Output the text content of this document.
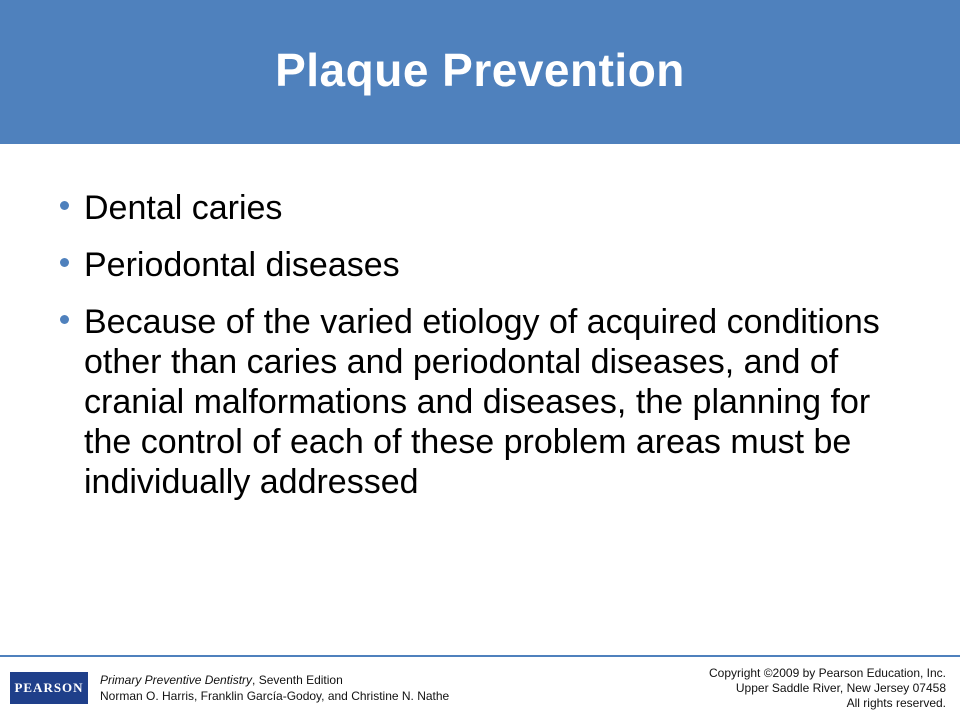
Plaque Prevention
Dental caries
Periodontal diseases
Because of the varied etiology of acquired conditions other than caries and periodontal diseases, and of cranial malformations and diseases, the planning for the control of each of these problem areas must be individually addressed
PEARSON Primary Preventive Dentistry, Seventh Edition
Norman O. Harris, Franklin García-Godoy, and Christine N. Nathe
Copyright ©2009 by Pearson Education, Inc.
Upper Saddle River, New Jersey 07458
All rights reserved.
